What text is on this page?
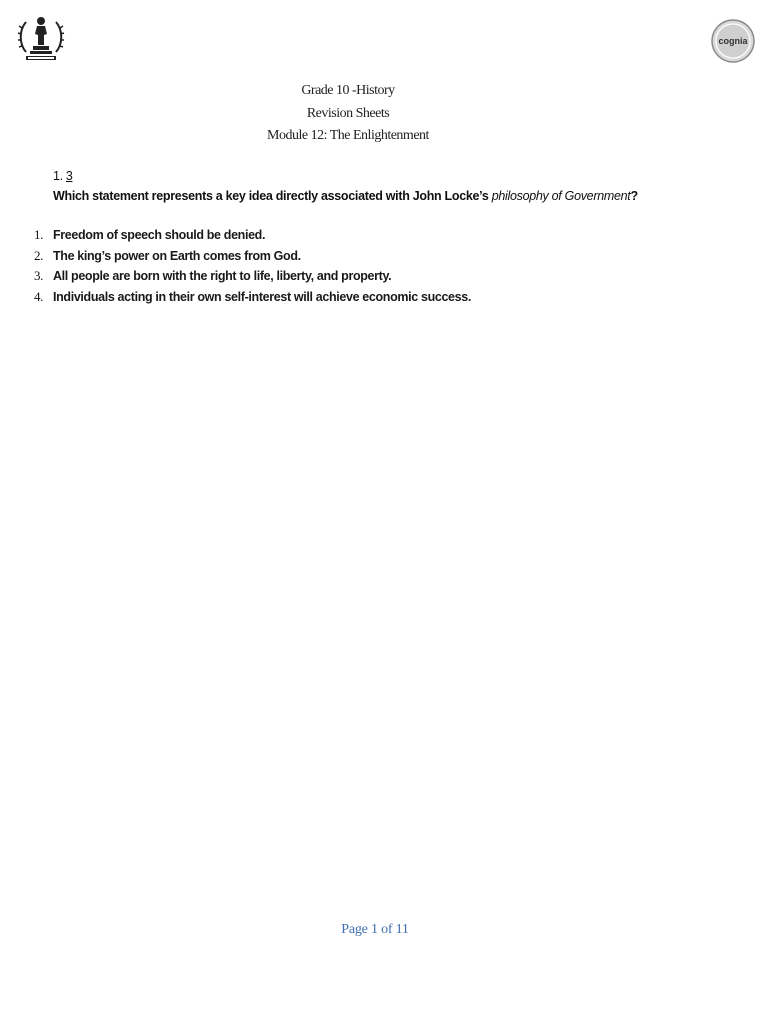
cognia
Grade 10 -History
Revision Sheets
Module 12: The Enlightenment
1. 3
Which statement represents a key idea directly associated with John Locke’s philosophy of Government?
1. Freedom of speech should be denied.
2. The king’s power on Earth comes from God.
3. All people are born with the right to life, liberty, and property.
4. Individuals acting in their own self-interest will achieve economic success.
Page 1 of 11
